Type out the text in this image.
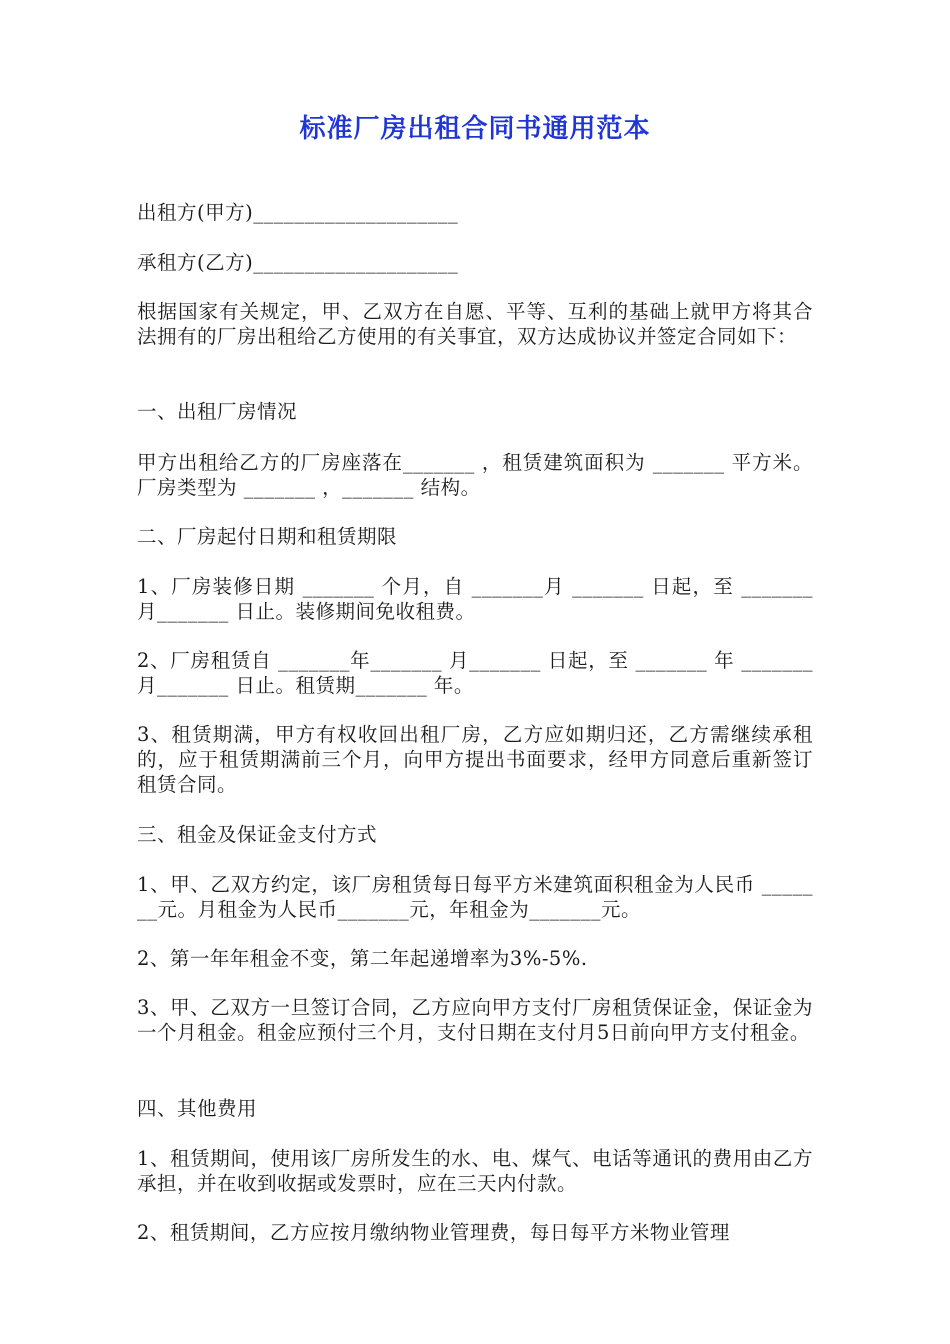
标准厂房出租合同书通用范本
出租方(甲方)____________________
承租方(乙方)____________________
根据国家有关规定，甲、乙双方在自愿、平等、互利的基础上就甲方将其合法拥有的厂房出租给乙方使用的有关事宜，双方达成协议并签定合同如下：
一、出租厂房情况
甲方出租给乙方的厂房座落在_______ ，租赁建筑面积为 _______ 平方米。厂房类型为 _______ ，_______ 结构。
二、厂房起付日期和租赁期限
1、厂房装修日期 _______ 个月，自 _______月 _______ 日起，至 _______ 月_______ 日止。装修期间免收租费。
2、厂房租赁自 _______年_______ 月_______ 日起，至 _______ 年 _______ 月_______ 日止。租赁期_______ 年。
3、租赁期满，甲方有权收回出租厂房，乙方应如期归还，乙方需继续承租的，应于租赁期满前三个月，向甲方提出书面要求，经甲方同意后重新签订租赁合同。
三、租金及保证金支付方式
1、甲、乙双方约定，该厂房租赁每日每平方米建筑面积租金为人民币 _______元。月租金为人民币_______元，年租金为_______元。
2、第一年年租金不变，第二年起递增率为3%-5%.
3、甲、乙双方一旦签订合同，乙方应向甲方支付厂房租赁保证金，保证金为一个月租金。租金应预付三个月，支付日期在支付月5日前向甲方支付租金。
四、其他费用
1、租赁期间，使用该厂房所发生的水、电、煤气、电话等通讯的费用由乙方承担，并在收到收据或发票时，应在三天内付款。
2、租赁期间，乙方应按月缴纳物业管理费，每日每平方米物业管理
